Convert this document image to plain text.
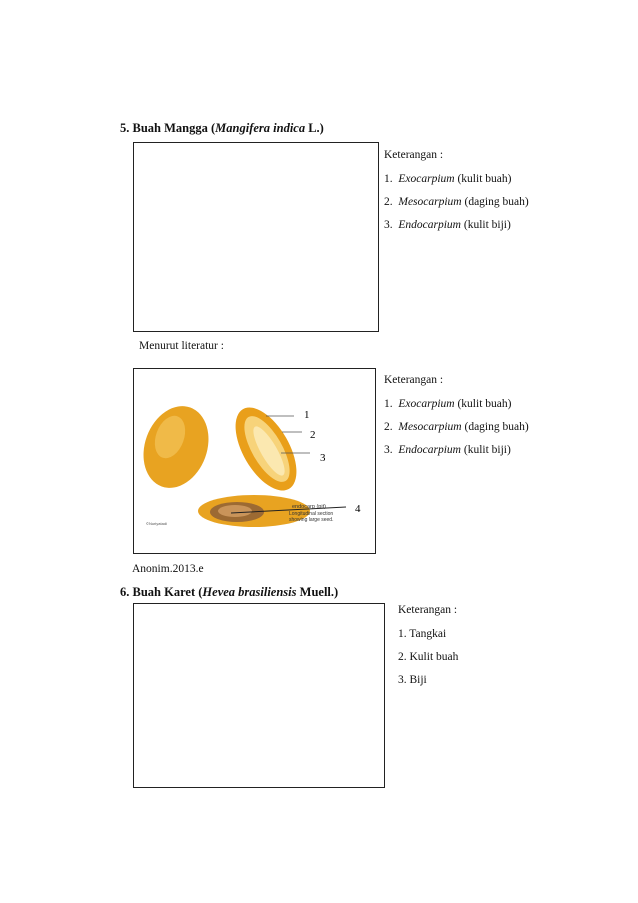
5. Buah Mangga (Mangifera indica L.)
Keterangan :
1. Exocarpium (kulit buah)
2. Mesocarpium (daging buah)
3. Endocarpium (kulit biji)
Menurut literatur :
1
2
3
4
endocarp (pit)
Longitudinal section
showing large seed.
©Nuriyatadi
Keterangan :
1. Exocarpium (kulit buah)
2. Mesocarpium (daging buah)
3. Endocarpium (kulit biji)
Anonim.2013.e
6. Buah Karet (Hevea brasiliensis Muell.)
Keterangan :
1. Tangkai
2. Kulit buah
3. Biji
